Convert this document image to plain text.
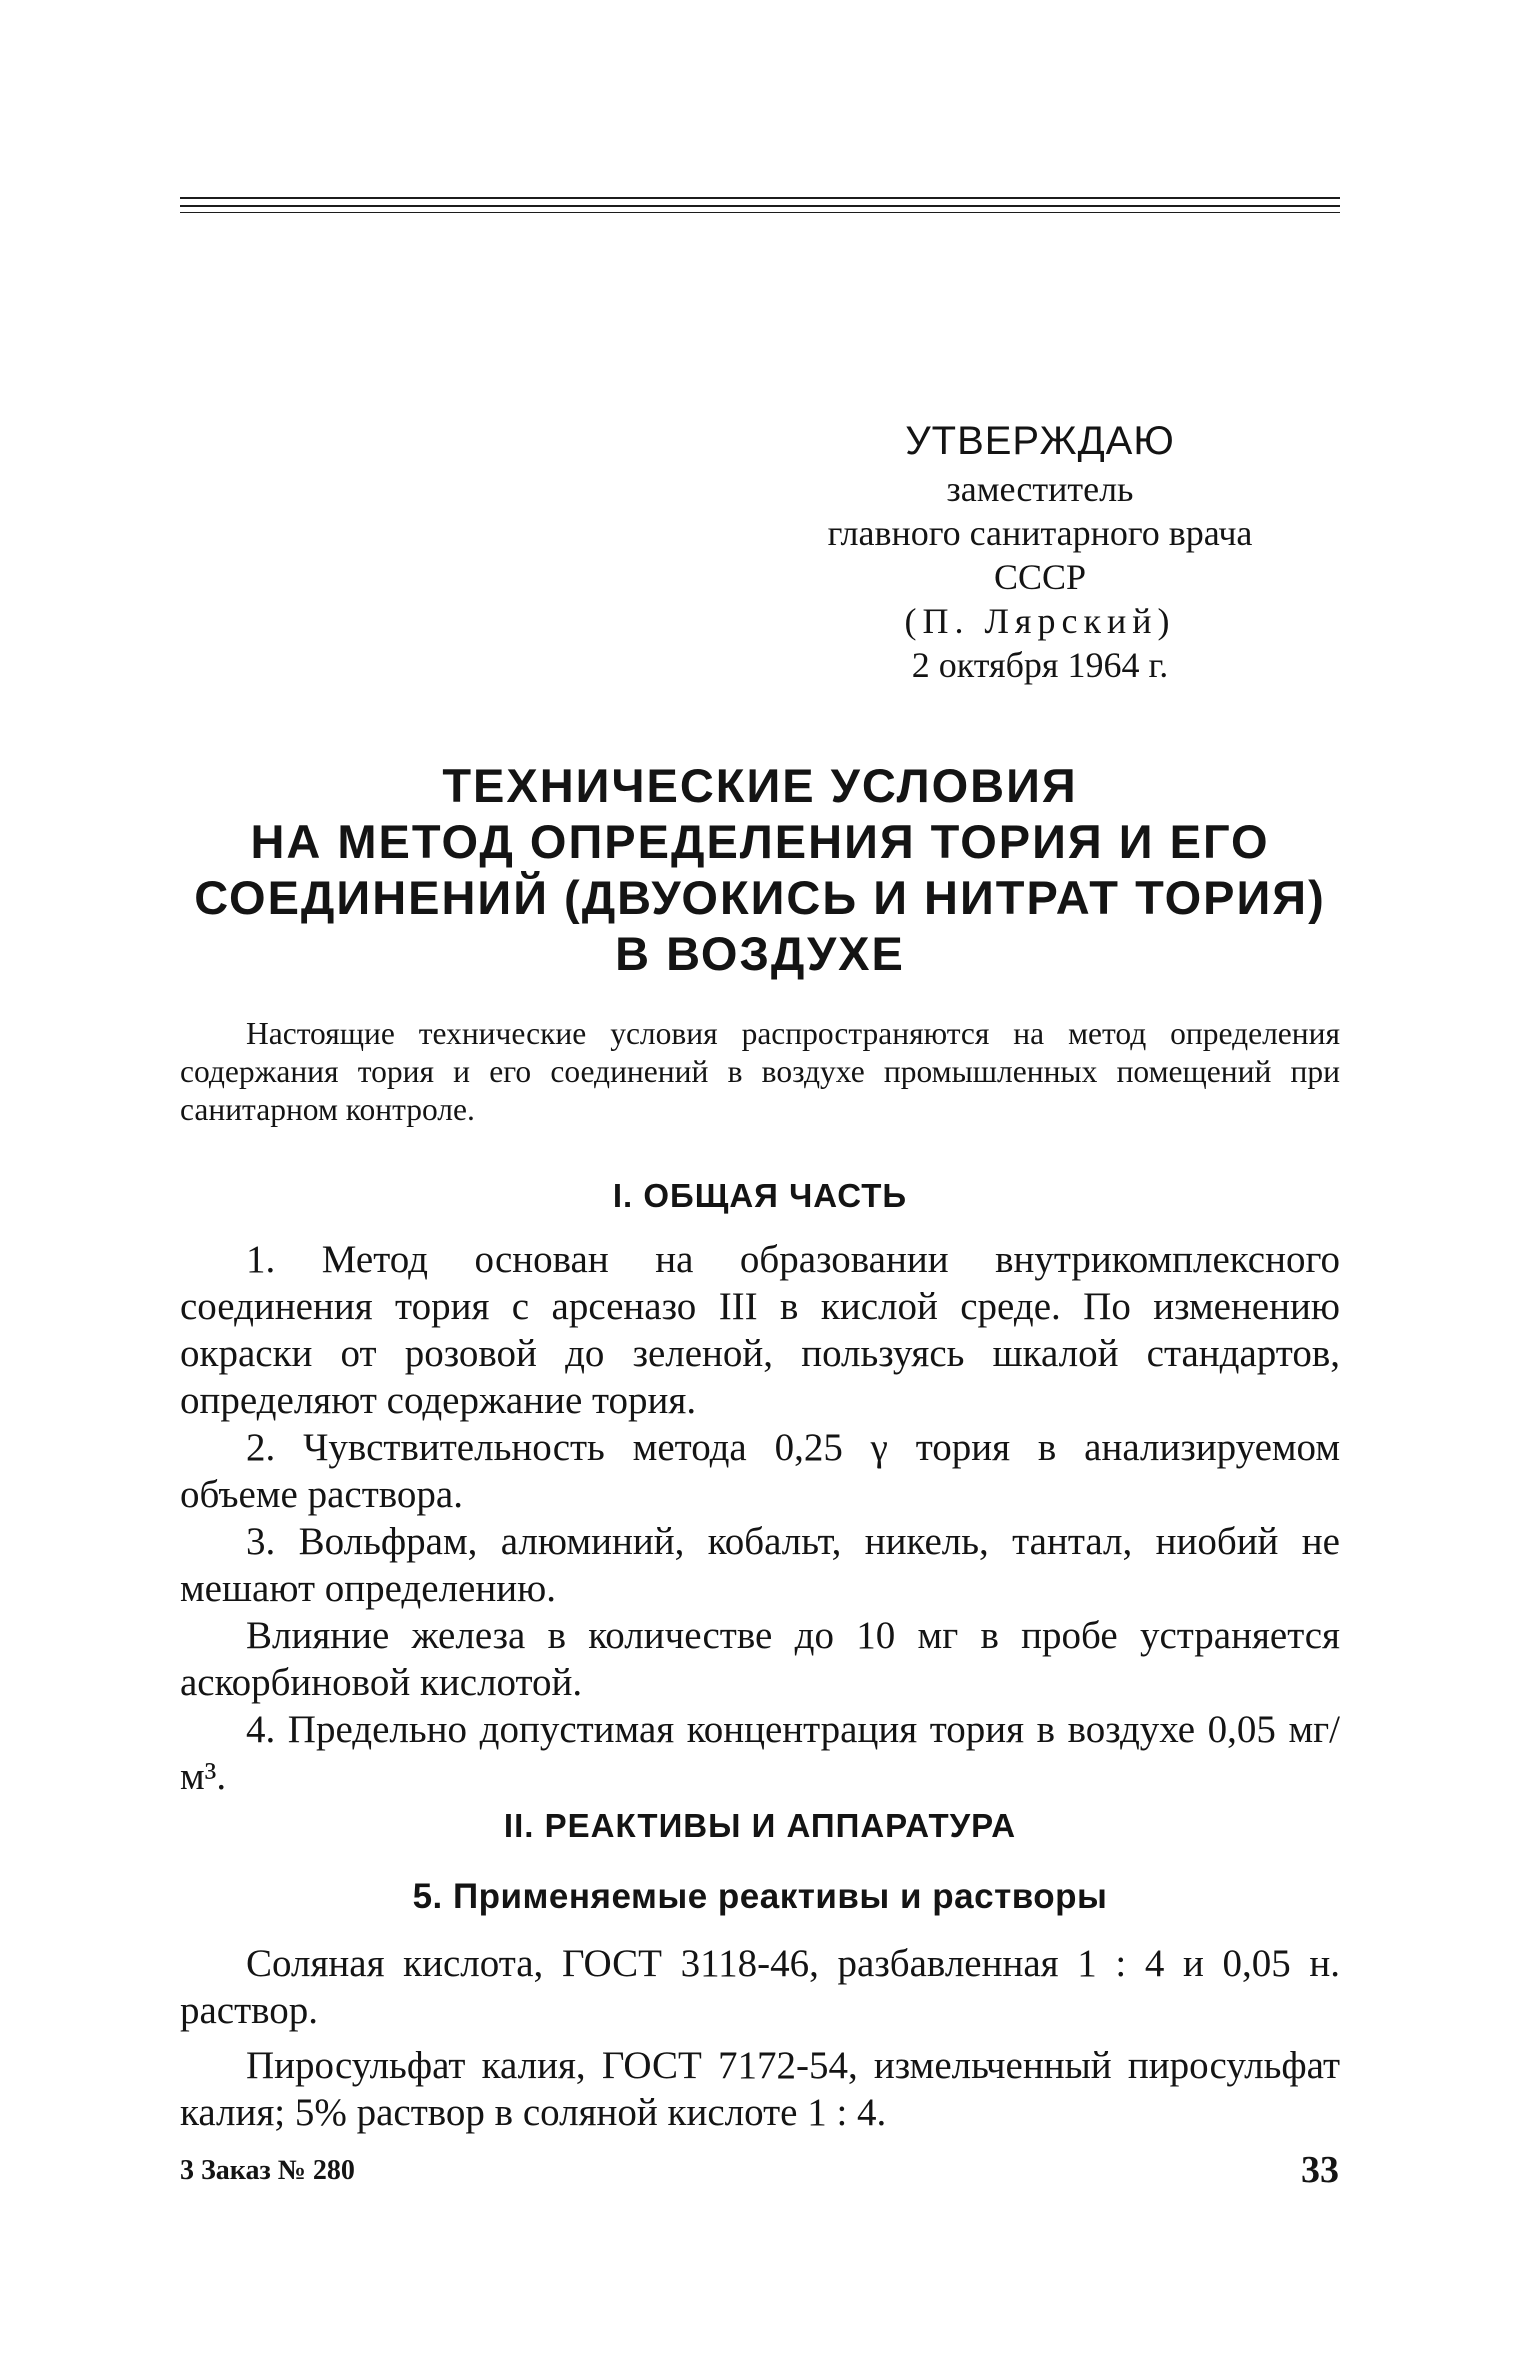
УТВЕРЖДАЮ
заместитель
главного санитарного врача
СССР
(П. Лярский)
2 октября 1964 г.
ТЕХНИЧЕСКИЕ УСЛОВИЯ
НА МЕТОД ОПРЕДЕЛЕНИЯ ТОРИЯ И ЕГО
СОЕДИНЕНИЙ (ДВУОКИСЬ И НИТРАТ ТОРИЯ)
В ВОЗДУХЕ

Настоящие технические условия распространяются на метод определения содержания тория и его соединений в воздухе промышленных помещений при санитарном контроле.

I. ОБЩАЯ ЧАСТЬ

1. Метод основан на образовании внутрикомплексного соединения тория с арсеназо III в кислой среде. По изменению окраски от розовой до зеленой, пользуясь шкалой стандартов, определяют содержание тория.

2. Чувствительность метода 0,25 γ тория в анализируемом объеме раствора.

3. Вольфрам, алюминий, кобальт, никель, тантал, ниобий не мешают определению.

Влияние железа в количестве до 10 мг в пробе устраняется аскорбиновой кислотой.

4. Предельно допустимая концентрация тория в воздухе 0,05 мг/м³.

II. РЕАКТИВЫ И АППАРАТУРА
5. Применяемые реактивы и растворы

Соляная кислота, ГОСТ 3118-46, разбавленная 1 : 4 и 0,05 н. раствор.

Пиросульфат калия, ГОСТ 7172-54, измельченный пиросульфат калия; 5% раствор в соляной кислоте 1 : 4.

3 Заказ № 280	33
